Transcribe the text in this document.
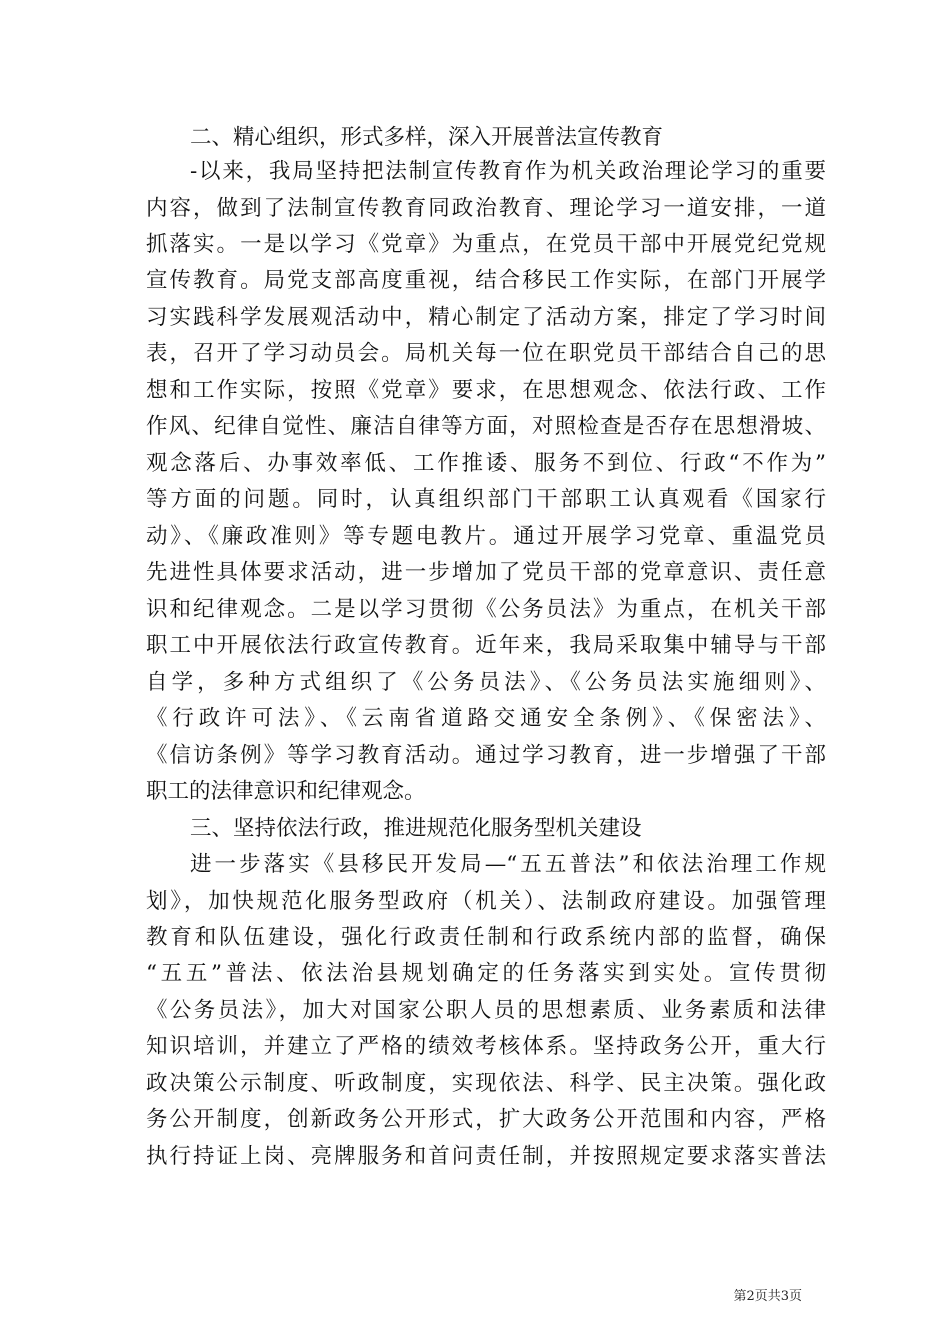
二、精心组织，形式多样，深入开展普法宣传教育
-以来，我局坚持把法制宣传教育作为机关政治理论学习的重要
内容，做到了法制宣传教育同政治教育、理论学习一道安排，一道
抓落实。一是以学习《党章》为重点，在党员干部中开展党纪党规
宣传教育。局党支部高度重视，结合移民工作实际，在部门开展学
习实践科学发展观活动中，精心制定了活动方案，排定了学习时间
表，召开了学习动员会。局机关每一位在职党员干部结合自己的思
想和工作实际，按照《党章》要求，在思想观念、依法行政、工作
作风、纪律自觉性、廉洁自律等方面，对照检查是否存在思想滑坡、
观念落后、办事效率低、工作推诿、服务不到位、行政“不作为”
等方面的问题。同时，认真组织部门干部职工认真观看《国家行
动》、《廉政准则》等专题电教片。通过开展学习党章、重温党员
先进性具体要求活动，进一步增加了党员干部的党章意识、责任意
识和纪律观念。二是以学习贯彻《公务员法》为重点，在机关干部
职工中开展依法行政宣传教育。近年来，我局采取集中辅导与干部
自学，多种方式组织了《公务员法》、《公务员法实施细则》、
《行政许可法》、《云南省道路交通安全条例》、《保密法》、
《信访条例》等学习教育活动。通过学习教育，进一步增强了干部
职工的法律意识和纪律观念。
三、坚持依法行政，推进规范化服务型机关建设
进一步落实《县移民开发局—“五五普法”和依法治理工作规
划》，加快规范化服务型政府（机关）、法制政府建设。加强管理
教育和队伍建设，强化行政责任制和行政系统内部的监督，确保
“五五”普法、依法治县规划确定的任务落实到实处。宣传贯彻
《公务员法》，加大对国家公职人员的思想素质、业务素质和法律
知识培训，并建立了严格的绩效考核体系。坚持政务公开，重大行
政决策公示制度、听政制度，实现依法、科学、民主决策。强化政
务公开制度，创新政务公开形式，扩大政务公开范围和内容，严格
执行持证上岗、亮牌服务和首问责任制，并按照规定要求落实普法
第2页共3页
